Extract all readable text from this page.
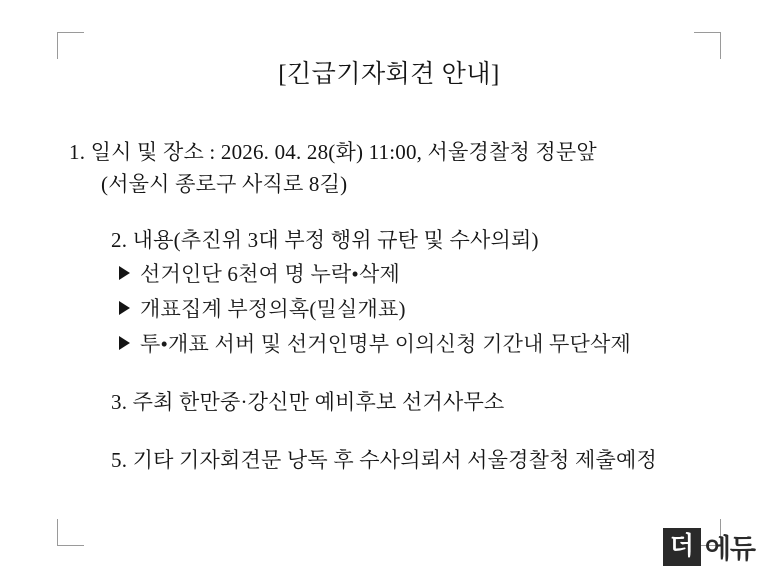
[긴급기자회견 안내]
1. 일시 및 장소 : 2026. 04. 28(화) 11:00, 서울경찰청 정문앞
(서울시 종로구 사직로 8길)
2. 내용(추진위 3대 부정 행위 규탄 및 수사의뢰)
선거인단 6천여 명 누락•삭제
개표집계 부정의혹(밀실개표)
투•개표 서버 및 선거인명부 이의신청 기간내 무단삭제
3. 주최 한만중·강신만 예비후보 선거사무소
5. 기타 기자회견문 낭독 후 수사의뢰서 서울경찰청 제출예정
더 에듀
